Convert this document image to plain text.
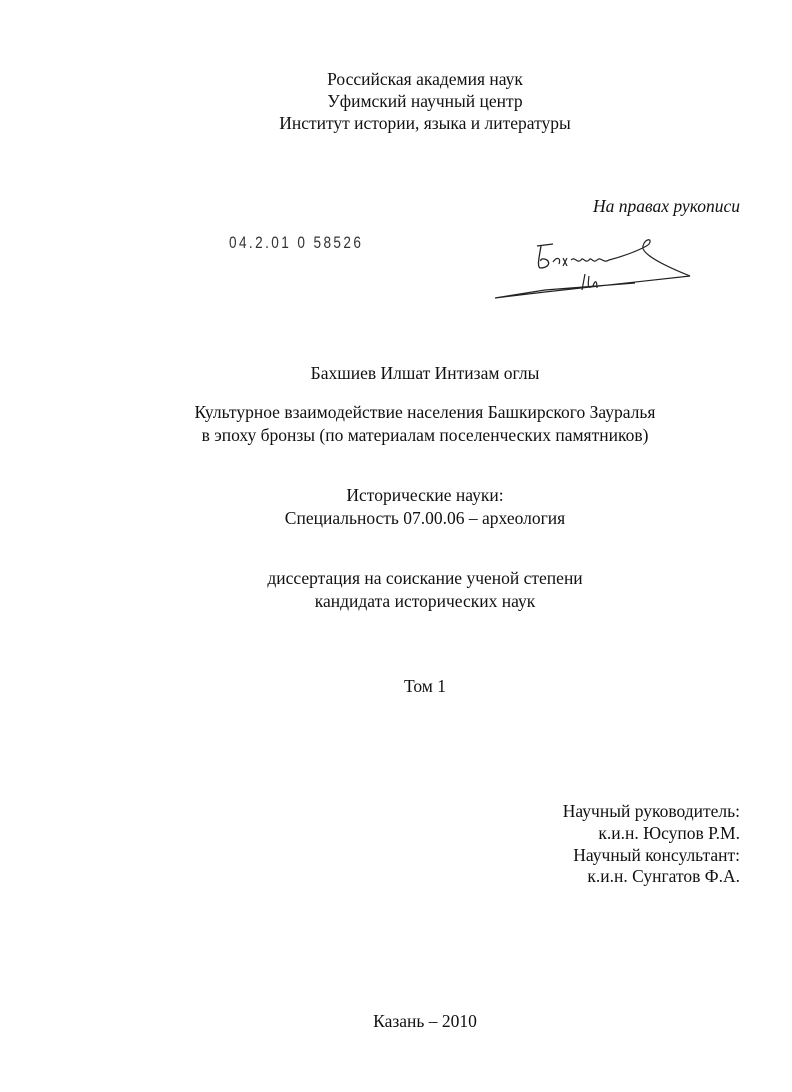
Российская академия наук
Уфимский научный центр
Институт истории, языка и литературы
На правах рукописи
04.2.01 0 58526
Бахшиев Илшат Интизам оглы
Культурное взаимодействие населения Башкирского Зауралья
в эпоху бронзы (по материалам поселенческих памятников)
Исторические науки:
Специальность 07.00.06 – археология
диссертация на соискание ученой степени
кандидата исторических наук
Том 1
Научный руководитель:
к.и.н. Юсупов Р.М.
Научный консультант:
к.и.н. Сунгатов Ф.А.
Казань – 2010
